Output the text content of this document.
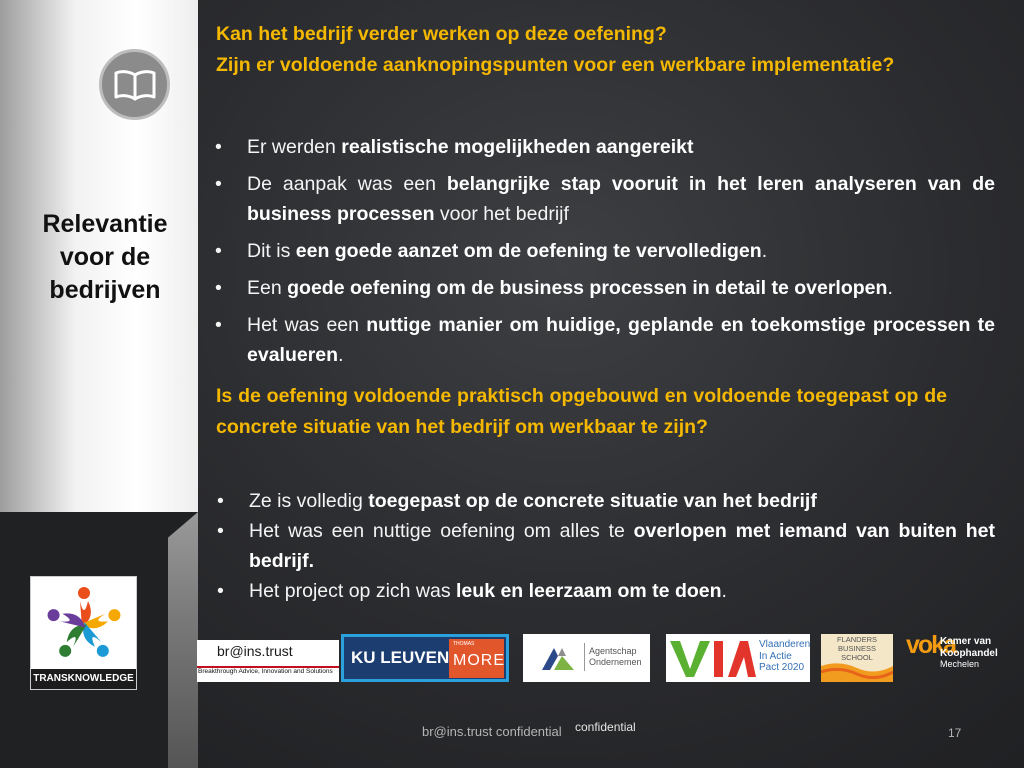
Relevantie
voor de
bedrijven
TRANSKNOWLEDGE
Kan het bedrijf verder werken op deze oefening?
Zijn er voldoende aanknopingspunten voor een werkbare implementatie?
• Er werden realistische mogelijkheden aangereikt
• De aanpak was een belangrijke stap vooruit in het leren analyseren van de business processen voor het bedrijf
• Dit is een goede aanzet om de oefening te vervolledigen.
• Een goede oefening om de business processen in detail te overlopen.
• Het was een nuttige manier om huidige, geplande en toekomstige processen te evalueren.
Is de oefening voldoende praktisch opgebouwd en voldoende toegepast op de concrete situatie van het bedrijf om werkbaar te zijn?
• Ze is volledig toegepast op de concrete situatie van het bedrijf
• Het was een nuttige oefening om alles te overlopen met iemand van buiten het bedrijf.
• Het project op zich was leuk en leerzaam om te doen.
br@ins.trust
Breakthrough Advice, Innovation and Solutions
KU LEUVEN
THOMAS
MORE
Agentschap
Ondernemen
Vlaanderen
In Actie
Pact 2020
FLANDERS
BUSINESS
SCHOOL	voka
Kamer van
Koophandel
Mechelen
br@ins.trust confidential confidential	17
